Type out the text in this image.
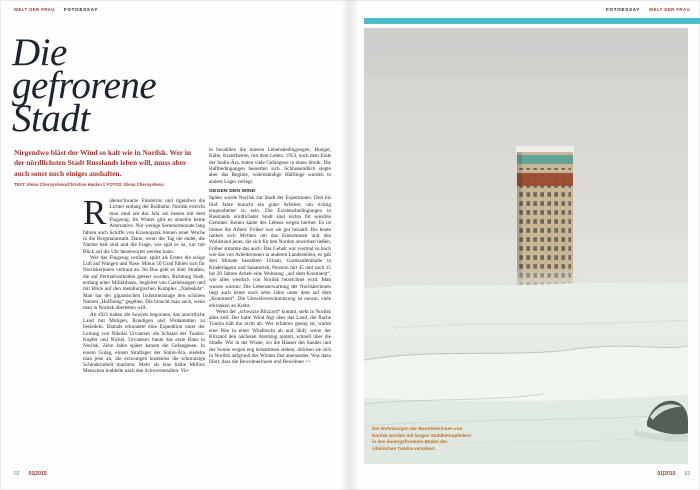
WELT DER FRAU FOTOESSAY
Die
gefrorene
Stadt

Nirgendwo bläst der Wind so kalt wie in Norilsk. Wer in der nördlichsten Stadt Russlands leben will, muss aber auch sonst noch einiges aushalten.

TEXT: Elena Chernysheva/Christine Haiden // FOTOS: Elena Chernysheva

Rabenschwarze Finsternis und irgendwo die Lichter entlang der Rollbahn: Norilsk erreicht man rund um das Jahr am besten mit dem Flugzeug. Im Winter gibt es ohnehin keine Alternative. Nur wenige Sommermonate lang fahren auch Schiffe von Krasnojarsk binnen einer Woche in die Bergmannstadt. Dann, wenn der Tag nie endet, die Nächte hell sind und die Frage, wie spät es ist, nur mit Blick auf die Uhr beantwortet werden kann.

Wer das Flugzeug verlässt, spürt als Erstes die eisige Luft auf Wangen und Nase. Minus 50 Grad fühlen sich für Norilskerinnen vertraut an. Im Bus geht es über Straßen, die auf Permafrostböden geteert wurden, Richtung Stadt, entlang einer Militärbasis, begleitet von Gasleitungen und mit Blick auf den metallurgischen Komplex „Nadeshda“. Man hat der gigantischen Industrieanlage den schönen Namen „Hoffnung“ gegeben. Die braucht man auch, wenn man in Norilsk überleben will.

Ab 1921 hatten die Sowjets begonnen, das unwirtliche Land mit Mutigen, Kundigen und Verdammten zu besiedeln. Damals erkundete eine Expedition unter der Leitung von Nikolai Urvantsev die Schätze der Tundra: Kupfer und Nickel. Urvantsev baute das erste Haus in Norilsk. Zehn Jahre später kamen die Gefangenen. In einem Gulag, einem Straflager der Stalin-Ära, siedelte man jene an, die erzwungen kostenlos die schmutzige Schinderarbeit machten. Mehr als eine halbe Million Menschen buddelte nach den Schwermetallen. Vie-

le bezahlten die miesen Lebensbedingungen, Hunger, Kälte, Krankheiten, mit dem Leben. 1953, nach dem Ende der Stalin-Ära, traten viele Gefangene in einen Streik. Die Haftbedingungen besserten sich. Schlussendlich siegte aber das Regime, widerständige Häftlinge wurden in andere Lager verlegt.

GEGEN DEN WIND

Später wurde Norilsk zur Stadt der Expertinnen. Drei bis fünf Jahre braucht ein guter Arbeiter, um richtig eingearbeitet zu sein. Die Existenzbedingungen in Russlands nördlichster Stadt sind nichts für sensible Gemüter. Keiner käme des Lebens wegen hierher. Es ist immer die Arbeit. Früher war sie gut bezahlt. Bis heute ranken sich Mythen um das Einkommen und den Wohlstand jener, die sich für den Norden anwerben ließen. Früher stimmte das auch: Das Gehalt war viermal so hoch wie das von Arbeiterinnen in anderen Landesteilen, es gab drei Monate bezahlten Urlaub, Gratisaufenthalte in Kinderlagern und Sanatorien, Pension mit 45 und nach 15 bis 20 Jahren Arbeit eine Wohnung „auf dem Kontinent“, wie alles westlich von Norilsk bezeichnet wird. Man wusste warum: Die Lebenserwartung der Norilskerinnen liegt auch heute noch zehn Jahre unter dem auf dem „Kontinent“. Die Umweltverschmutzung ist enorm, viele erkranken an Krebs.

Wenn der „schwarze Blizzard“ kommt, steht in Norilsk alles still. Der kalte Wind fegt über das Land, die flache Tundra hält ihn nicht ab. Wer erfahren genug ist, wartet eine Böe in einer Windbucht ab und läuft, wenn der Blizzard den nächsten Atemzug nimmt, schnell über die Straße. Wie in der Wüste, wo die Häuser des Sandes und der Sonne wegen eng beisammen stehen, drücken sie sich in Norilsk aufgrund des Windes fast aneinander. Was dazu führt, dass die Bewohnerinnen und Bewohner >>

02 01|2015
FOTOESSAY WELT DER FRAU
Die Wohnburgen der Bewohnerinnen von Norilsk wurden mit langen Stahlbetonpfeilern in den dauergefrorenen Böden der sibirischen Tundra verankert.
01|2015 03
